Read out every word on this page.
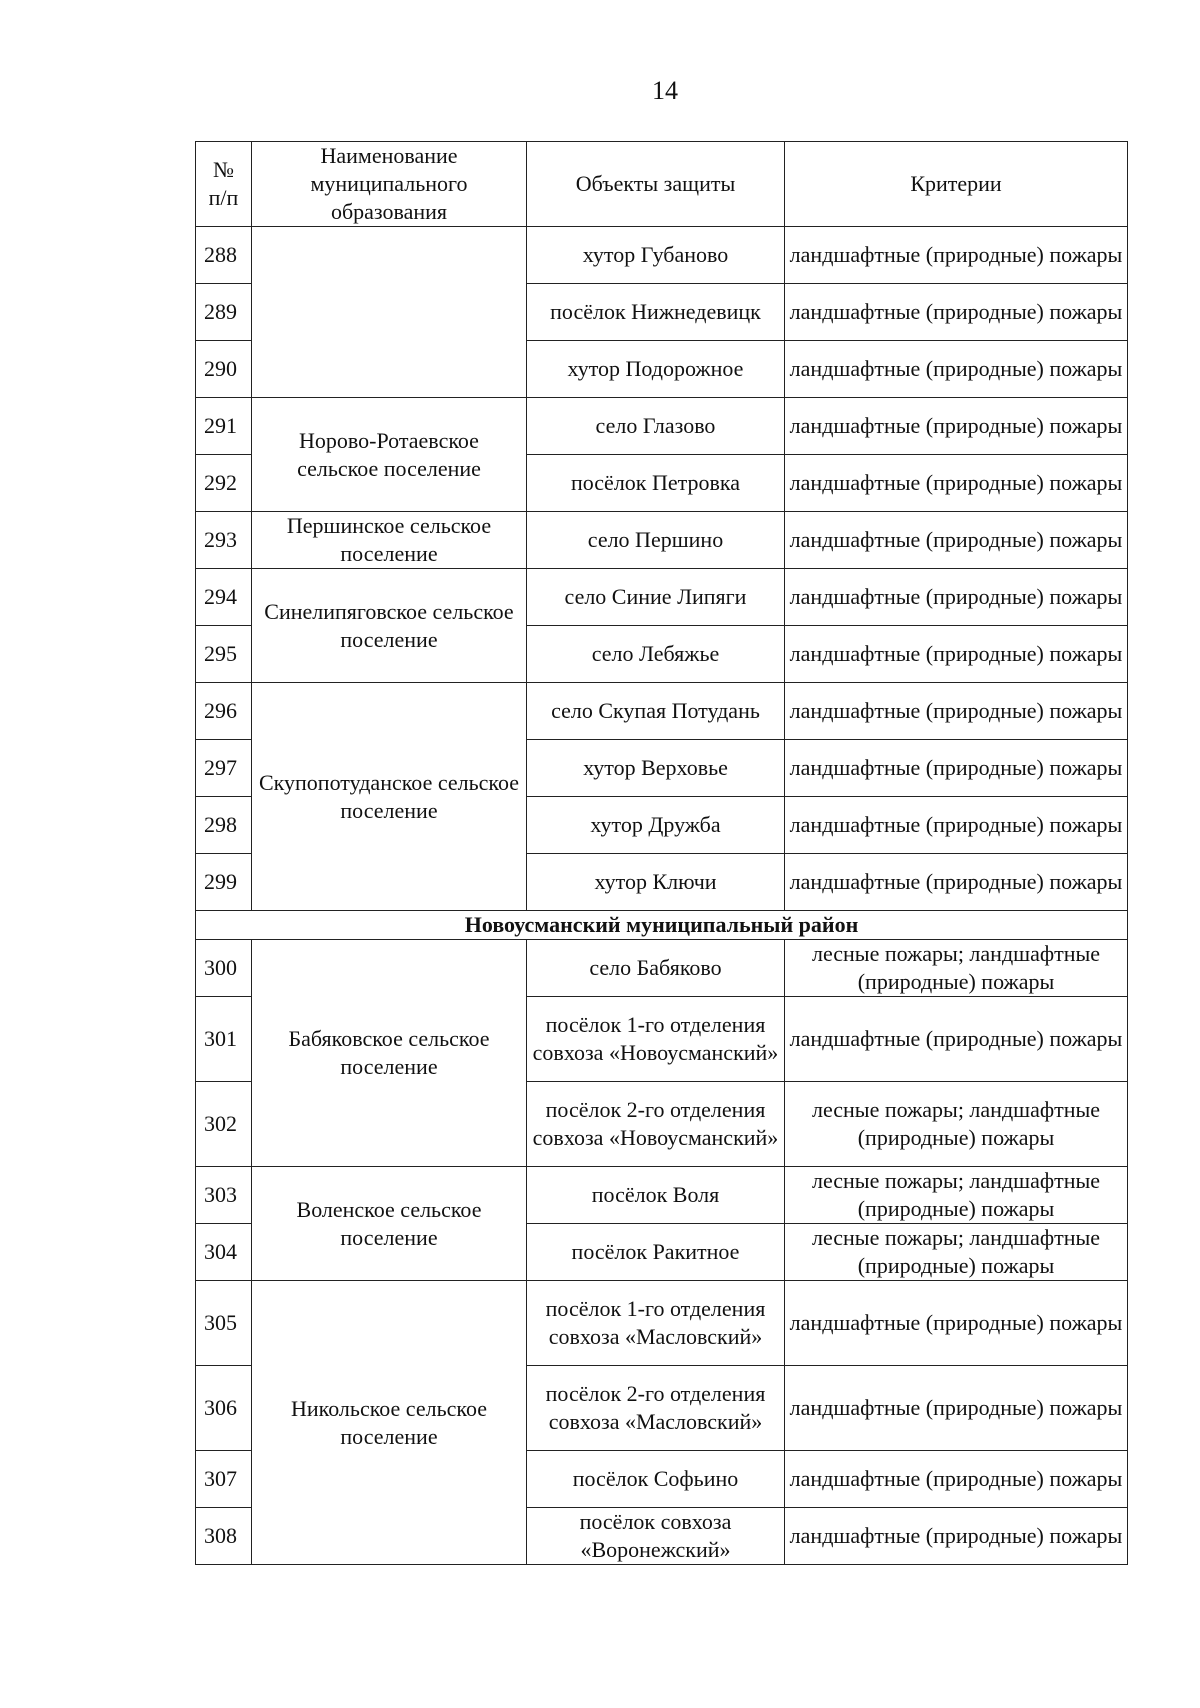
14
№
п/п	Наименование муниципального образования	Объекты защиты	Критерии
288		хутор Губаново	ландшафтные (природные) пожары
289		посёлок Нижнедевицк	ландшафтные (природные) пожары
290		хутор Подорожное	ландшафтные (природные) пожары
291	Норово-Ротаевское сельское поселение	село Глазово	ландшафтные (природные) пожары
292		посёлок Петровка	ландшафтные (природные) пожары
293	Першинское сельское поселение	село Першино	ландшафтные (природные) пожары
294	Синелипяговское сельское поселение	село Синие Липяги	ландшафтные (природные) пожары
295		село Лебяжье	ландшафтные (природные) пожары
296	Скупопотуданское сельское поселение	село Скупая Потудань	ландшафтные (природные) пожары
297		хутор Верховье	ландшафтные (природные) пожары
298		хутор Дружба	ландшафтные (природные) пожары
299		хутор Ключи	ландшафтные (природные) пожары
Новоусманский муниципальный район			
300	Бабяковское сельское поселение	село Бабяково	лесные пожары; ландшафтные (природные) пожары
301		посёлок 1-го отделения совхоза «Новоусманский»	ландшафтные (природные) пожары
302		посёлок 2-го отделения совхоза «Новоусманский»	лесные пожары; ландшафтные (природные) пожары
303	Воленское сельское поселение	посёлок Воля	лесные пожары; ландшафтные (природные) пожары
304		посёлок Ракитное	лесные пожары; ландшафтные (природные) пожары
305	Никольское сельское поселение	посёлок 1-го отделения совхоза «Масловский»	ландшафтные (природные) пожары
306		посёлок 2-го отделения совхоза «Масловский»	ландшафтные (природные) пожары
307		посёлок Софьино	ландшафтные (природные) пожары
308		посёлок совхоза «Воронежский»	ландшафтные (природные) пожары
